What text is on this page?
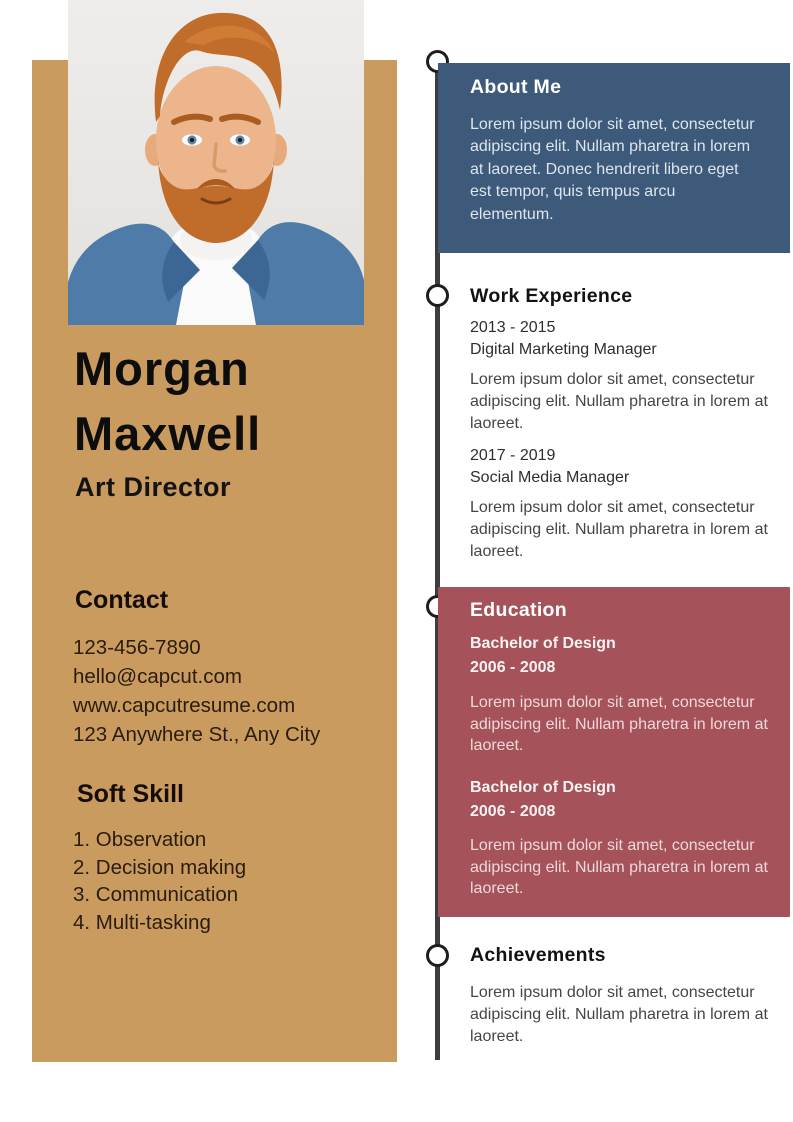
Morgan
Maxwell
Art Director
Contact
123-456-7890
hello@capcut.com
www.capcutresume.com
123 Anywhere St., Any City
Soft Skill
1. Observation
2. Decision making
3. Communication
4. Multi-tasking
About Me
Lorem ipsum dolor sit amet, consectetur adipiscing elit. Nullam pharetra in lorem at laoreet. Donec hendrerit libero eget est tempor, quis tempus arcu elementum.
Work Experience
2013 - 2015
Digital Marketing Manager
Lorem ipsum dolor sit amet, consectetur adipiscing elit. Nullam pharetra in lorem at laoreet.
2017 - 2019
Social Media Manager
Lorem ipsum dolor sit amet, consectetur adipiscing elit. Nullam pharetra in lorem at laoreet.
Education
Bachelor of Design
2006 - 2008
Lorem ipsum dolor sit amet, consectetur adipiscing elit. Nullam pharetra in lorem at laoreet.
Bachelor of Design
2006 - 2008
Lorem ipsum dolor sit amet, consectetur adipiscing elit. Nullam pharetra in lorem at laoreet.
Achievements
Lorem ipsum dolor sit amet, consectetur adipiscing elit. Nullam pharetra in lorem at laoreet.
